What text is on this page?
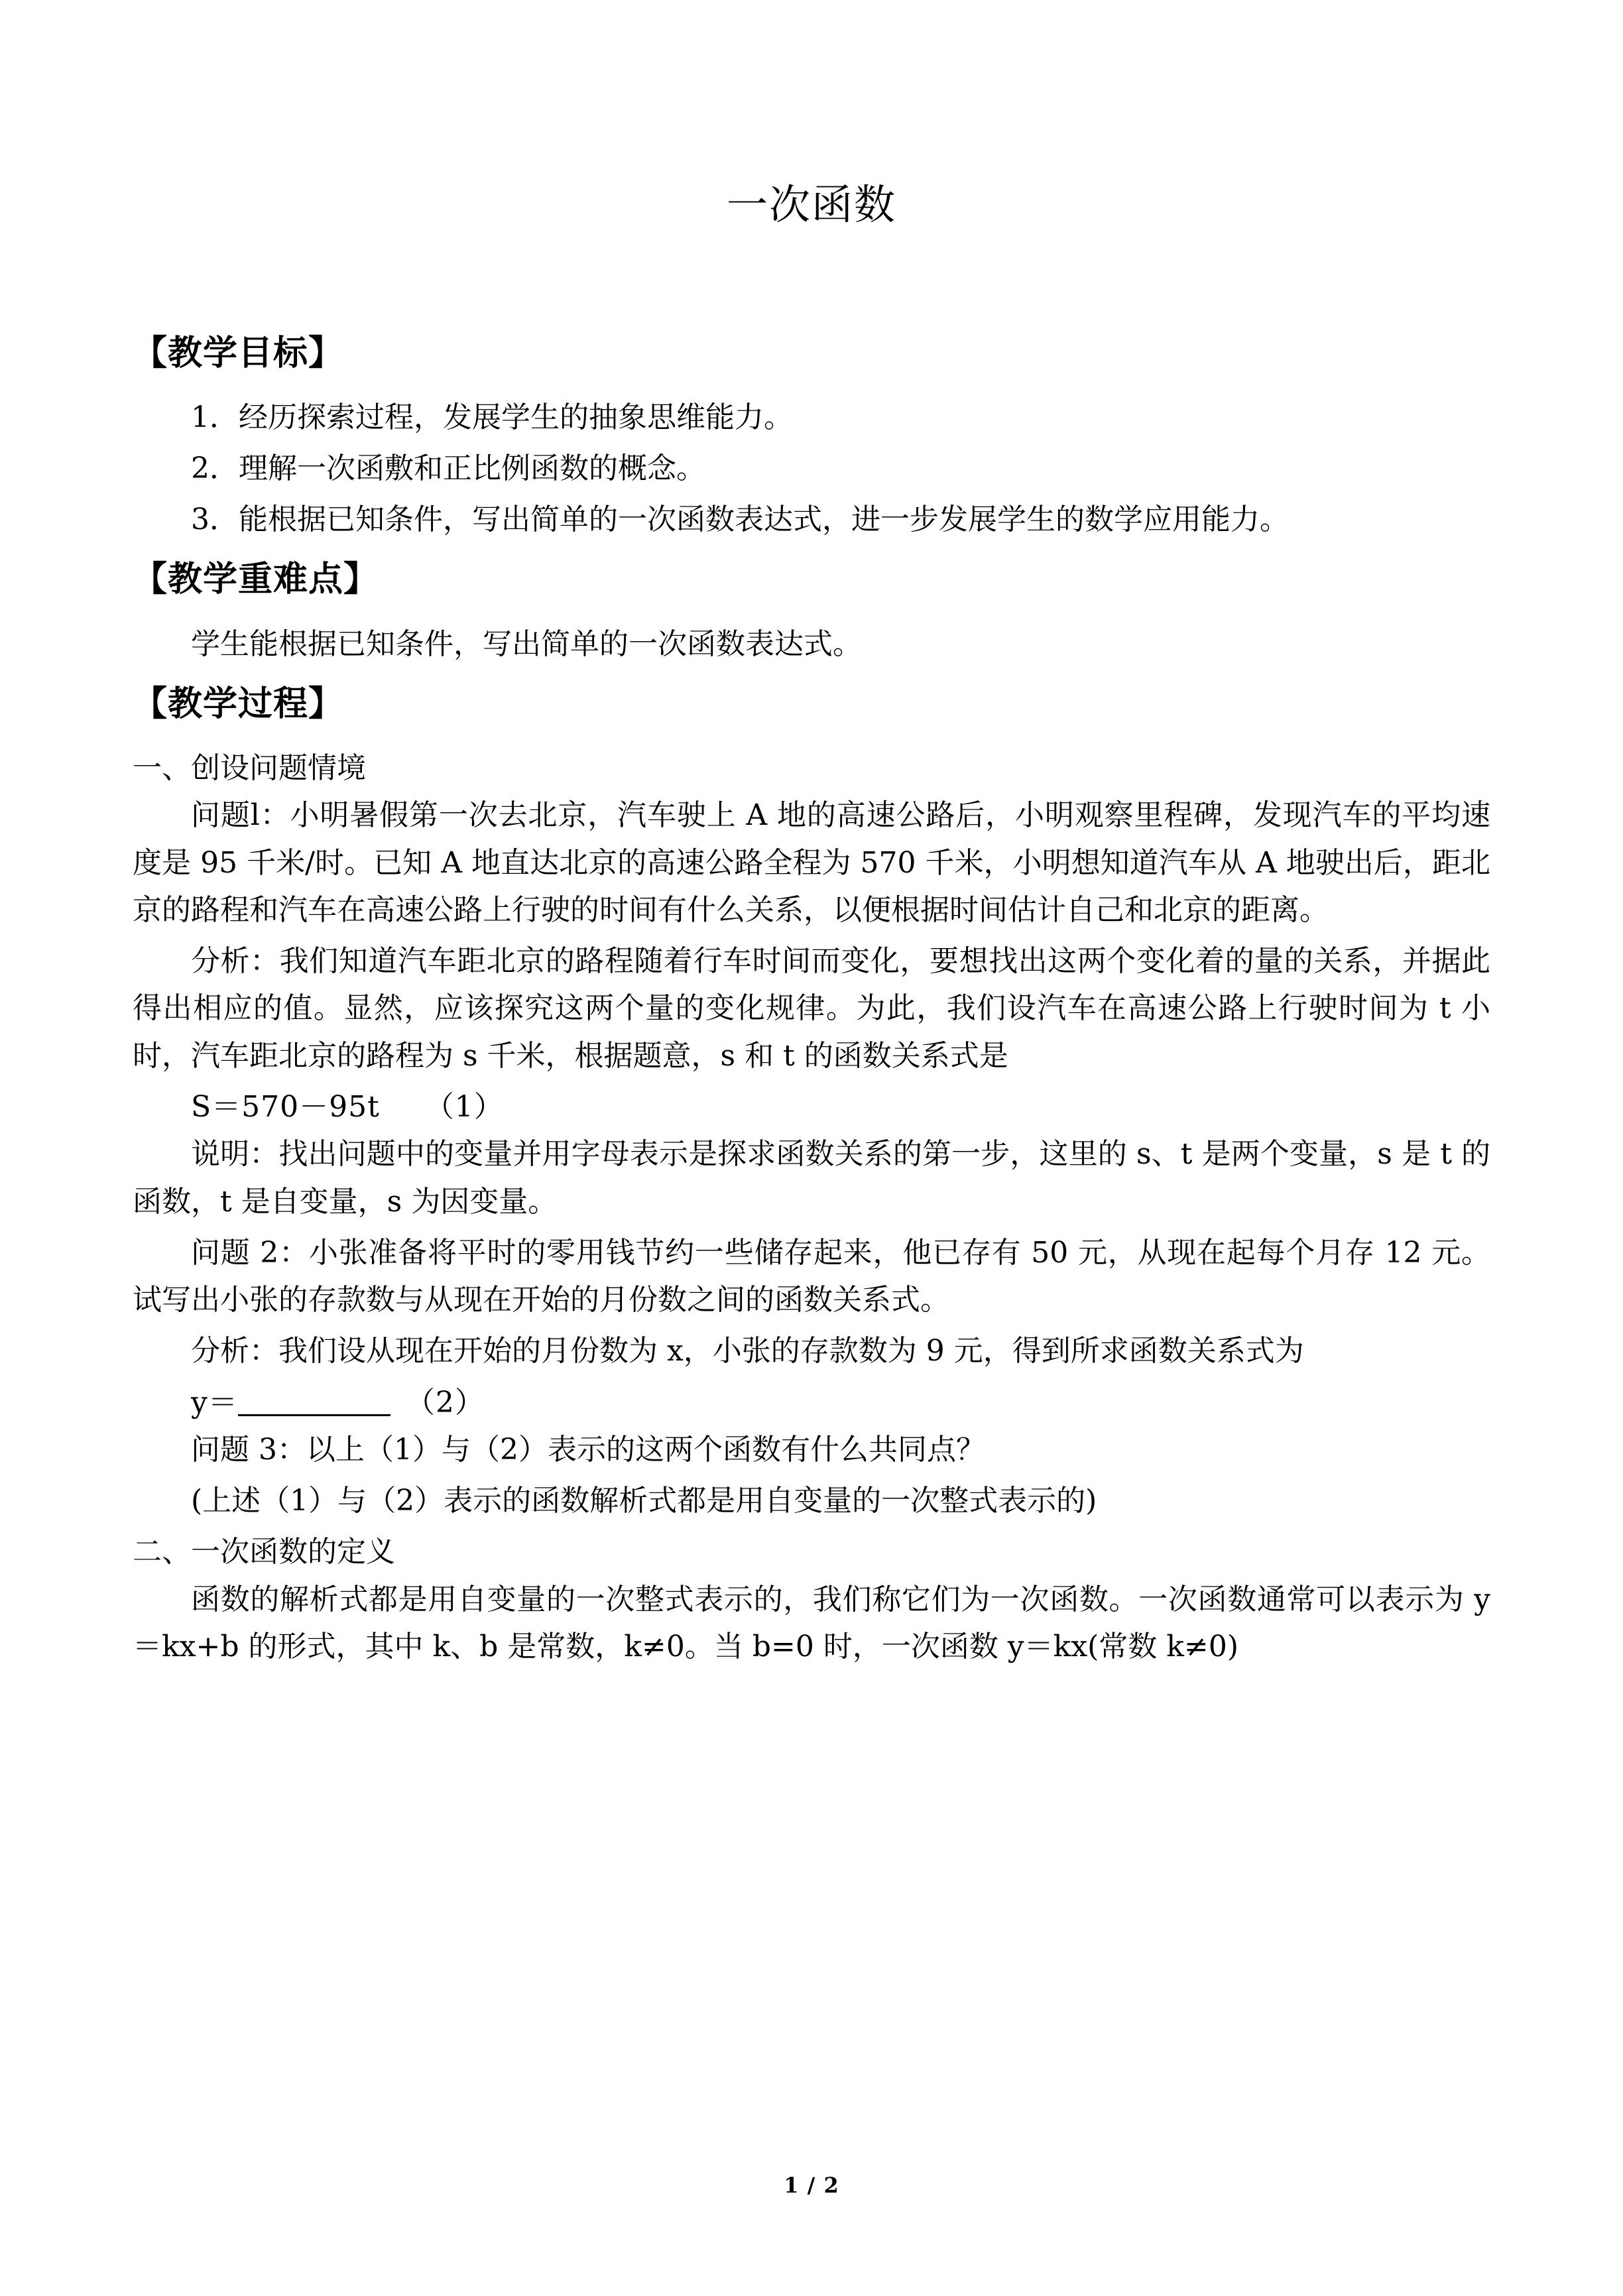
一次函数
【教学目标】

1．经历探索过程，发展学生的抽象思维能力。

2．理解一次函敷和正比例函数的概念。

3．能根据已知条件，写出简单的一次函数表达式，进一步发展学生的数学应用能力。

【教学重难点】

学生能根据已知条件，写出简单的一次函数表达式。

【教学过程】

一、创设问题情境

问题l：小明暑假第一次去北京，汽车驶上 A 地的高速公路后，小明观察里程碑，发现汽车的平均速度是 95 千米/时。已知 A 地直达北京的高速公路全程为 570 千米，小明想知道汽车从 A 地驶出后，距北京的路程和汽车在高速公路上行驶的时间有什么关系，以便根据时间估计自己和北京的距离。

分析：我们知道汽车距北京的路程随着行车时间而变化，要想找出这两个变化着的量的关系，并据此得出相应的值。显然，应该探究这两个量的变化规律。为此，我们设汽车在高速公路上行驶时间为 t 小时，汽车距北京的路程为 s 千米，根据题意，s 和 t 的函数关系式是

S＝570－95t　　（1）

说明：找出问题中的变量并用字母表示是探求函数关系的第一步，这里的 s、t 是两个变量，s 是 t 的函数，t 是自变量，s 为因变量。

问题 2：小张准备将平时的零用钱节约一些储存起来，他已存有 50 元，从现在起每个月存 12 元。试写出小张的存款数与从现在开始的月份数之间的函数关系式。

分析：我们设从现在开始的月份数为 x，小张的存款数为 9 元，得到所求函数关系式为

y＝	　（2）

问题 3：以上（1）与（2）表示的这两个函数有什么共同点？

(上述（1）与（2）表示的函数解析式都是用自变量的一次整式表示的)

二、一次函数的定义

函数的解析式都是用自变量的一次整式表示的，我们称它们为一次函数。一次函数通常可以表示为 y＝kx+b 的形式，其中 k、b 是常数，k≠0。当 b=0 时，一次函数 y＝kx(常数 k≠0)

1 / 2
